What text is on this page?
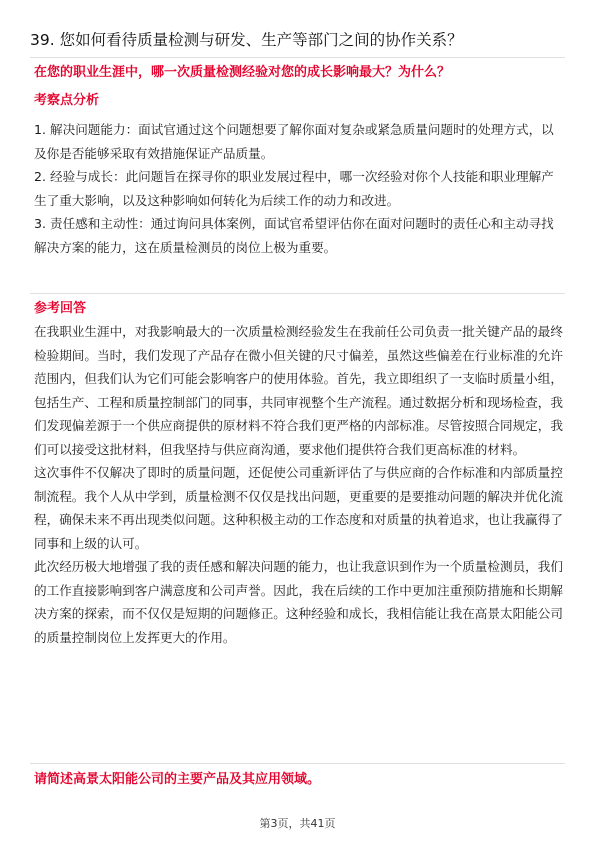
39. 您如何看待质量检测与研发、生产等部门之间的协作关系？

在您的职业生涯中，哪一次质量检测经验对您的成长影响最大？为什么？

考察点分析

1. 解决问题能力：面试官通过这个问题想要了解你面对复杂或紧急质量问题时的处理方式，以及你是否能够采取有效措施保证产品质量。

2. 经验与成长：此问题旨在探寻你的职业发展过程中，哪一次经验对你个人技能和职业理解产生了重大影响，以及这种影响如何转化为后续工作的动力和改进。

3. 责任感和主动性：通过询问具体案例，面试官希望评估你在面对问题时的责任心和主动寻找解决方案的能力，这在质量检测员的岗位上极为重要。

参考回答

在我职业生涯中，对我影响最大的一次质量检测经验发生在我前任公司负责一批关键产品的最终检验期间。当时，我们发现了产品存在微小但关键的尺寸偏差，虽然这些偏差在行业标准的允许范围内，但我们认为它们可能会影响客户的使用体验。首先，我立即组织了一支临时质量小组，包括生产、工程和质量控制部门的同事，共同审视整个生产流程。通过数据分析和现场检查，我们发现偏差源于一个供应商提供的原材料不符合我们更严格的内部标准。尽管按照合同规定，我们可以接受这批材料，但我坚持与供应商沟通，要求他们提供符合我们更高标准的材料。

这次事件不仅解决了即时的质量问题，还促使公司重新评估了与供应商的合作标准和内部质量控制流程。我个人从中学到，质量检测不仅仅是找出问题，更重要的是要推动问题的解决并优化流程，确保未来不再出现类似问题。这种积极主动的工作态度和对质量的执着追求，也让我赢得了同事和上级的认可。

此次经历极大地增强了我的责任感和解决问题的能力，也让我意识到作为一个质量检测员，我们的工作直接影响到客户满意度和公司声誉。因此，我在后续的工作中更加注重预防措施和长期解决方案的探索，而不仅仅是短期的问题修正。这种经验和成长，我相信能让我在高景太阳能公司的质量控制岗位上发挥更大的作用。

请简述高景太阳能公司的主要产品及其应用领域。

第3页，共41页
